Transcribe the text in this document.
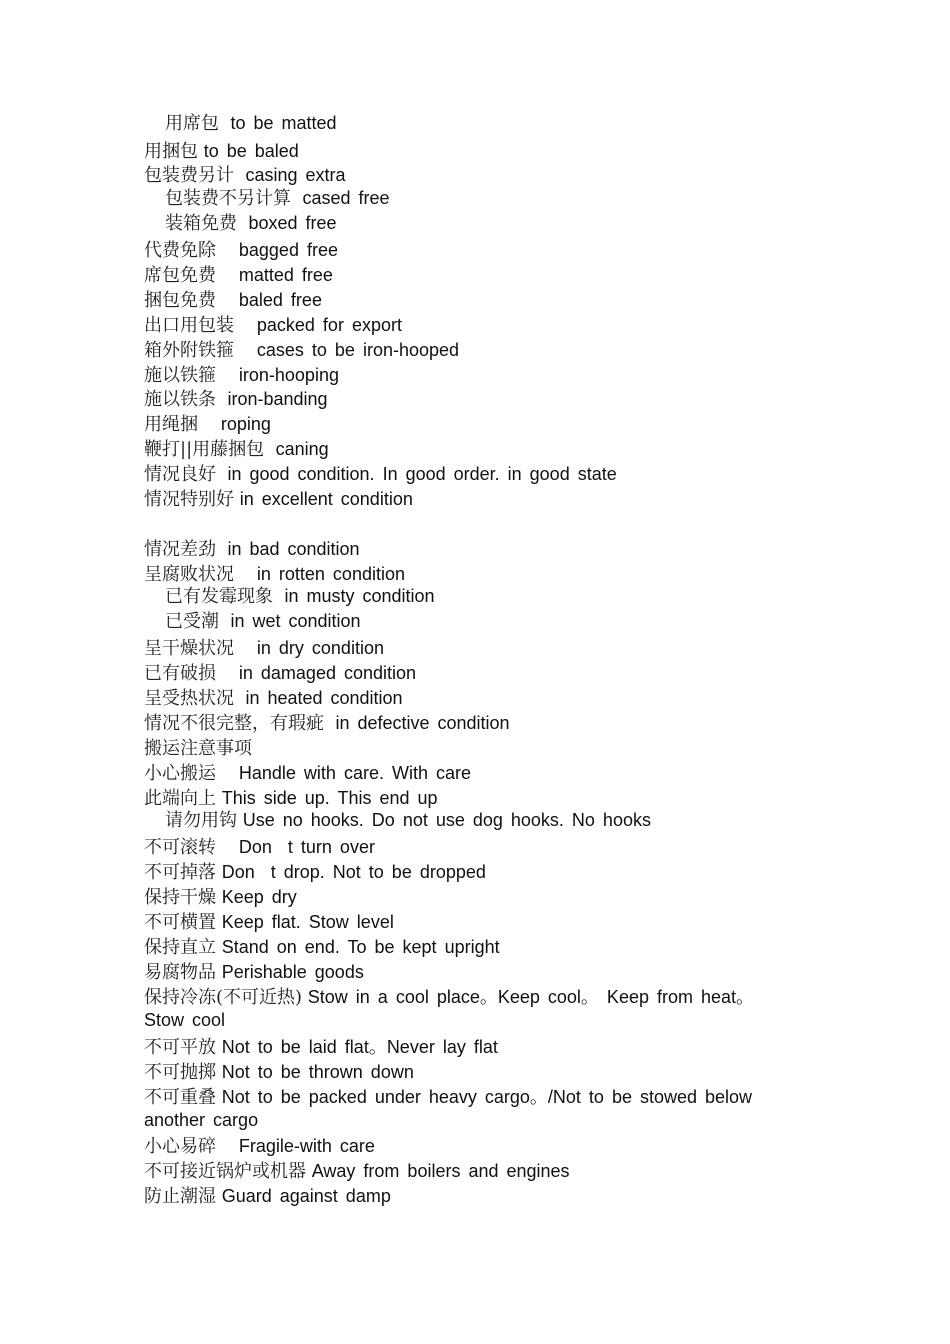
用席包 to be matted
用捆包 to be baled
包装费另计 casing extra
包装费不另计算 cased free
装箱免费 boxed free
代费免除 bagged free
席包免费 matted free
捆包免费 baled free
出口用包装 packed for export
箱外附铁箍 cases to be iron-hooped
施以铁箍 iron-hooping
施以铁条 iron-banding
用绳捆 roping
鞭打||用藤捆包 caning
情况良好 in good condition. In good order. in good state
情况特别好 in excellent condition
情况差劲 in bad condition
呈腐败状况 in rotten condition
已有发霉现象 in musty condition
已受潮 in wet condition
呈干燥状况 in dry condition
已有破损 in damaged condition
呈受热状况 in heated condition
情况不很完整，有瑕疵 in defective condition
搬运注意事项
小心搬运 Handle with care. With care
此端向上 This side up. This end up
请勿用钩 Use no hooks. Do not use dog hooks. No hooks
不可滚转 Don  t turn over
不可掉落 Don  t drop. Not to be dropped
保持干燥 Keep dry
不可横置 Keep flat. Stow level
保持直立 Stand on end. To be kept upright
易腐物品 Perishable goods
保持冷冻(不可近热) Stow in a cool place。Keep cool。 Keep from heat。
Stow cool
不可平放 Not to be laid flat。Never lay flat
不可抛掷 Not to be thrown down
不可重叠 Not to be packed under heavy cargo。/Not to be stowed below
another cargo
小心易碎 Fragile-with care
不可接近锅炉或机器 Away from boilers and engines
防止潮湿 Guard against damp
